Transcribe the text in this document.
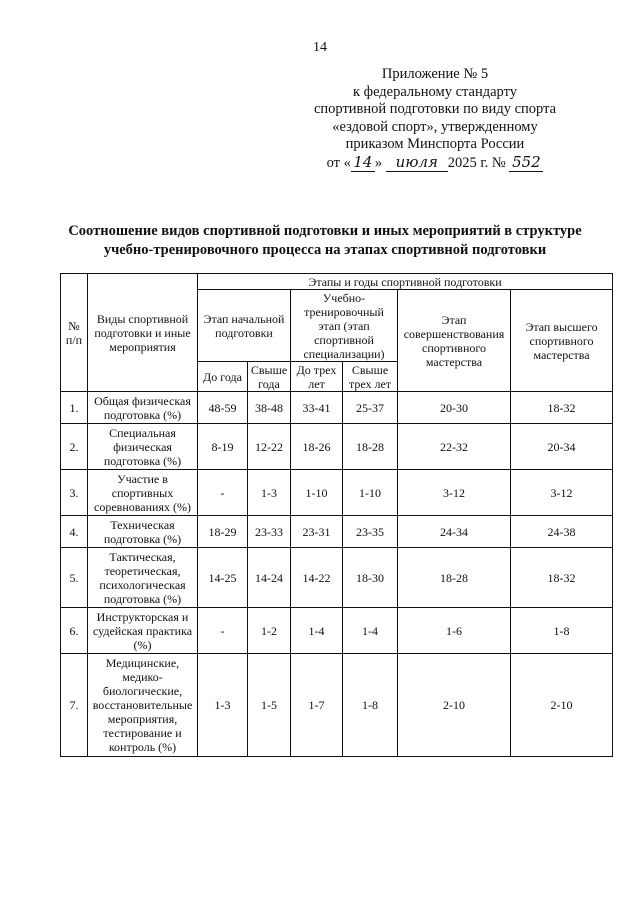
14
Приложение № 5
к федеральному стандарту
спортивной подготовки по виду спорта
«ездовой спорт», утвержденному
приказом Минспорта России
от « 14 » июля 2025 г. № 552
Соотношение видов спортивной подготовки и иных мероприятий в структуре
учебно-тренировочного процесса на этапах спортивной подготовки
№ п/п	Виды спортивной подготовки и иные мероприятия	Этапы и годы спортивной подготовки					
		Этап начальной подготовки		Учебно-тренировочный этап (этап спортивной специализации)		Этап совершенствования спортивного мастерства	Этап высшего спортивного мастерства
		До года	Свыше года	До трех лет	Свыше трех лет		
1.	Общая физическая подготовка (%)	48-59	38-48	33-41	25-37	20-30	18-32
2.	Специальная физическая подготовка (%)	8-19	12-22	18-26	18-28	22-32	20-34
3.	Участие в спортивных соревнованиях (%)	-	1-3	1-10	1-10	3-12	3-12
4.	Техническая подготовка (%)	18-29	23-33	23-31	23-35	24-34	24-38
5.	Тактическая, теоретическая, психологическая подготовка (%)	14-25	14-24	14-22	18-30	18-28	18-32
6.	Инструкторская и судейская практика (%)	-	1-2	1-4	1-4	1-6	1-8
7.	Медицинские, медико-биологические, восстановительные мероприятия, тестирование и контроль (%)	1-3	1-5	1-7	1-8	2-10	2-10
